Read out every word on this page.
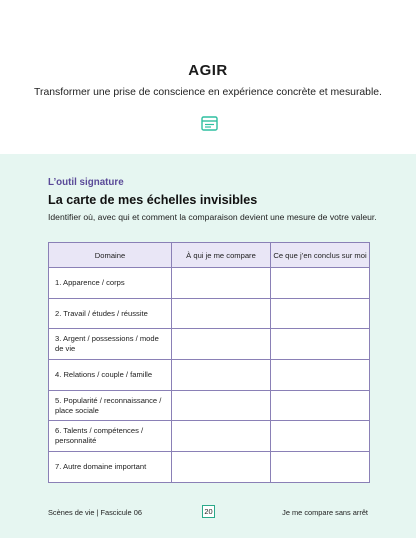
AGIR
Transformer une prise de conscience en expérience concrète et mesurable.
L’outil signature
La carte de mes échelles invisibles
Identifier où, avec qui et comment la comparaison devient une mesure de votre valeur.
Domaine	À qui je me compare	Ce que j’en conclus sur moi
1. Apparence / corps		
2. Travail / études / réussite		
3. Argent / possessions / mode de vie		
4. Relations / couple / famille		
5. Popularité / reconnaissance / place sociale		
6. Talents / compétences / personnalité		
7. Autre domaine important		
Scènes de vie | Fascicule 06	20	Je me compare sans arrêt
